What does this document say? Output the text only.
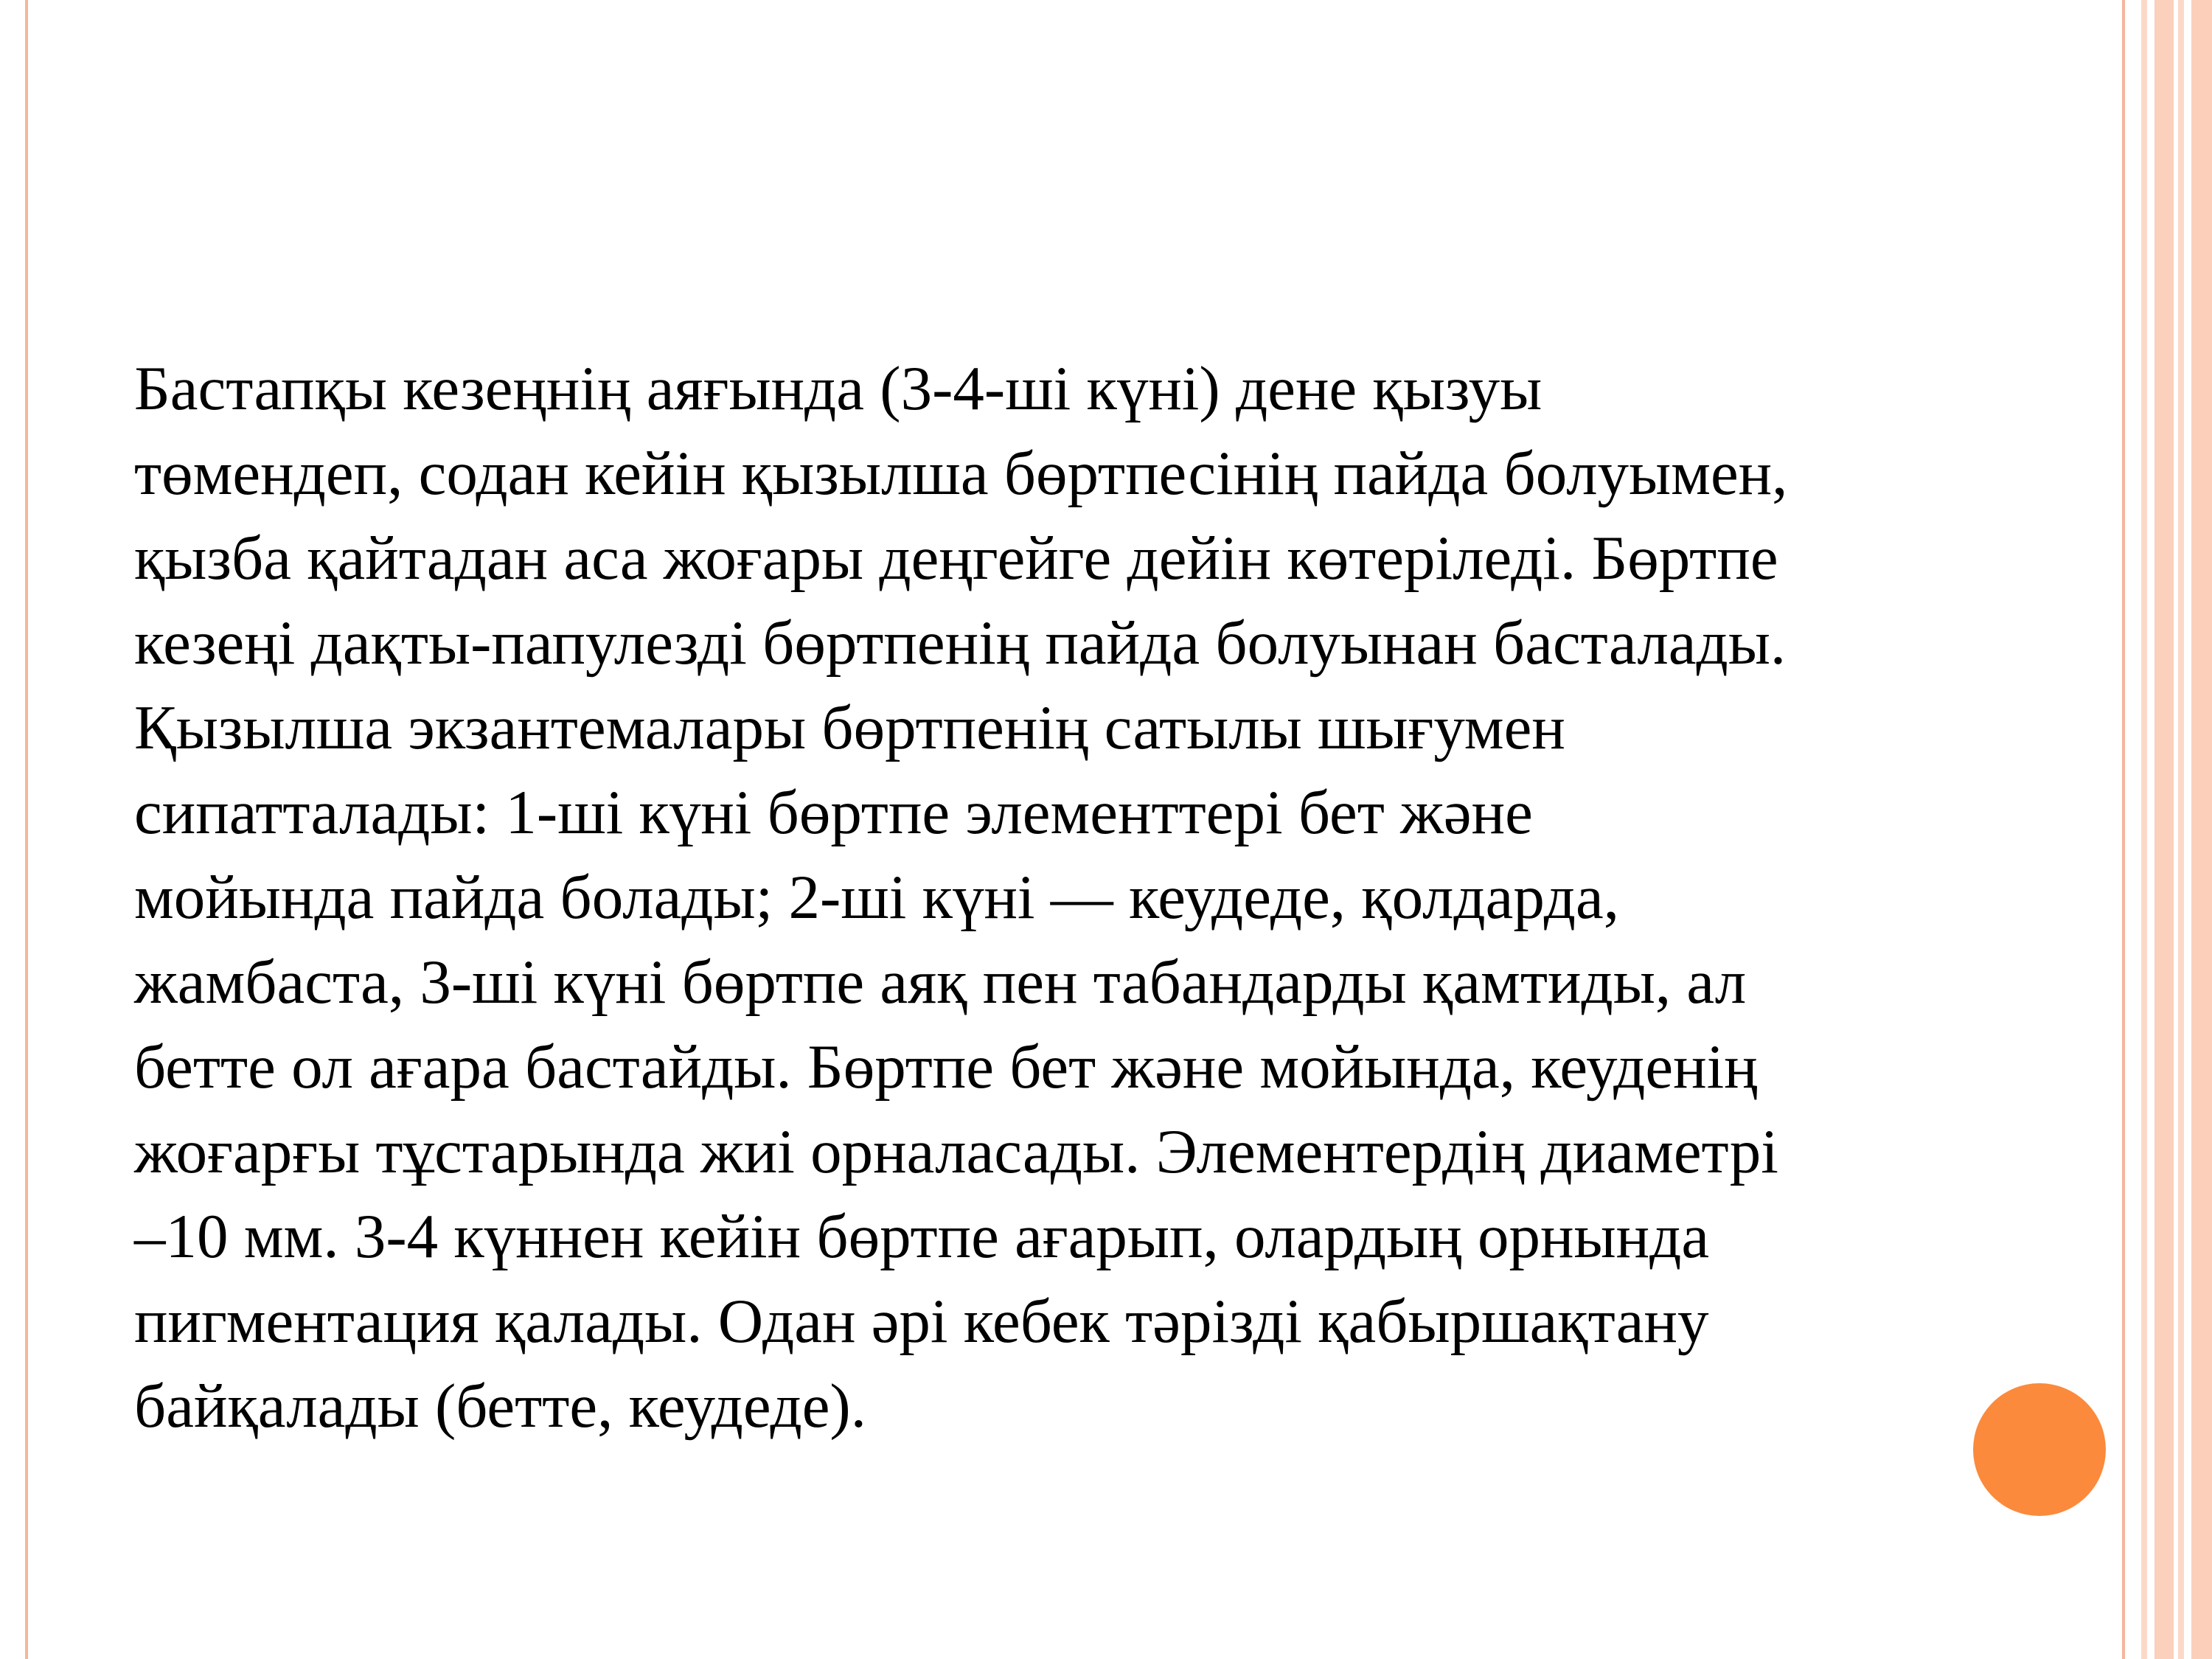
Бастапқы кезеңнің аяғында (3-4-ші күні) дене қызуы
төмендеп, содан кейін қызылша бөртпесінің пайда болуымен,
қызба қайтадан аса жоғары деңгейге дейін көтеріледі. Бөртпе
кезеңі дақты-папулезді бөртпенің пайда болуынан басталады.
Қызылша экзантемалары бөртпенің сатылы шығумен
сипатталады: 1-ші күні бөртпе элементтері бет және
мойында пайда болады; 2-ші күні — кеудеде, қолдарда,
жамбаста, 3-ші күні бөртпе аяқ пен табандарды қамтиды, ал
бетте ол ағара бастайды. Бөртпе бет және мойында, кеуденің
жоғарғы тұстарында жиі орналасады. Элементердің диаметрі
–10 мм. 3-4 күннен кейін бөртпе ағарып, олардың орнында
пигментация қалады. Одан әрі кебек тәрізді қабыршақтану
байқалады (бетте, кеудеде).
